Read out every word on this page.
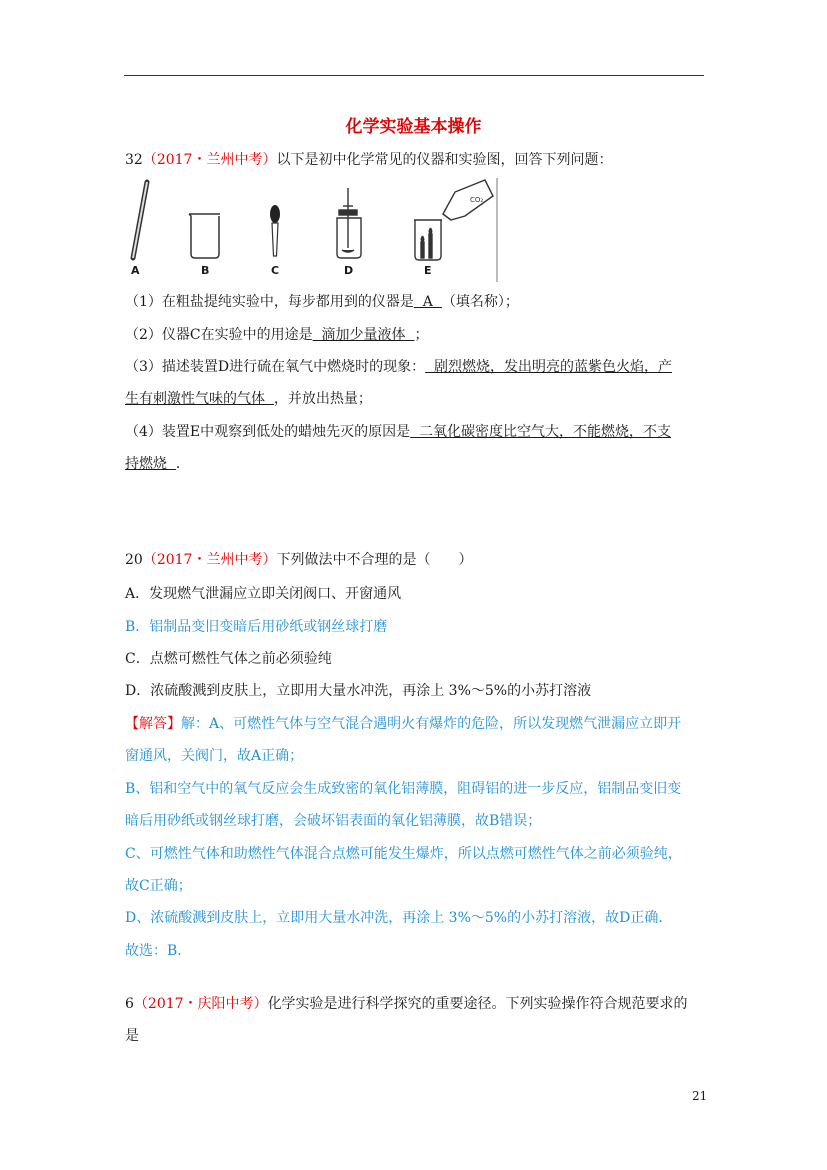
化学实验基本操作
32（2017・兰州中考）以下是初中化学常见的仪器和实验图，回答下列问题：
CO₂
A	B	C	D	E
（1）在粗盐提纯实验中，每步都用到的仪器是  A  （填名称）；
（2）仪器C在实验中的用途是  滴加少量液体  ；
（3）描述装置D进行硫在氧气中燃烧时的现象：  剧烈燃烧，发出明亮的蓝紫色火焰，产
生有刺激性气味的气体  ，并放出热量；
（4）装置E中观察到低处的蜡烛先灭的原因是  二氧化碳密度比空气大，不能燃烧，不支
持燃烧  .
20（2017・兰州中考）下列做法中不合理的是（　　）
A．发现燃气泄漏应立即关闭阀口、开窗通风
B．铝制品变旧变暗后用砂纸或钢丝球打磨
C．点燃可燃性气体之前必须验纯
D．浓硫酸溅到皮肤上，立即用大量水冲洗，再涂上 3%～5%的小苏打溶液
【解答】解：A、可燃性气体与空气混合遇明火有爆炸的危险，所以发现燃气泄漏应立即开
窗通风，关阀门，故A正确；
B、铝和空气中的氧气反应会生成致密的氧化铝薄膜，阻碍铝的进一步反应，铝制品变旧变
暗后用砂纸或钢丝球打磨，会破坏铝表面的氧化铝薄膜，故B错误；
C、可燃性气体和助燃性气体混合点燃可能发生爆炸，所以点燃可燃性气体之前必须验纯，
故C正确；
D、浓硫酸溅到皮肤上，立即用大量水冲洗，再涂上 3%～5%的小苏打溶液，故D正确．
故选：B．
6（2017・庆阳中考）化学实验是进行科学探究的重要途径。下列实验操作符合规范要求的
是
21
